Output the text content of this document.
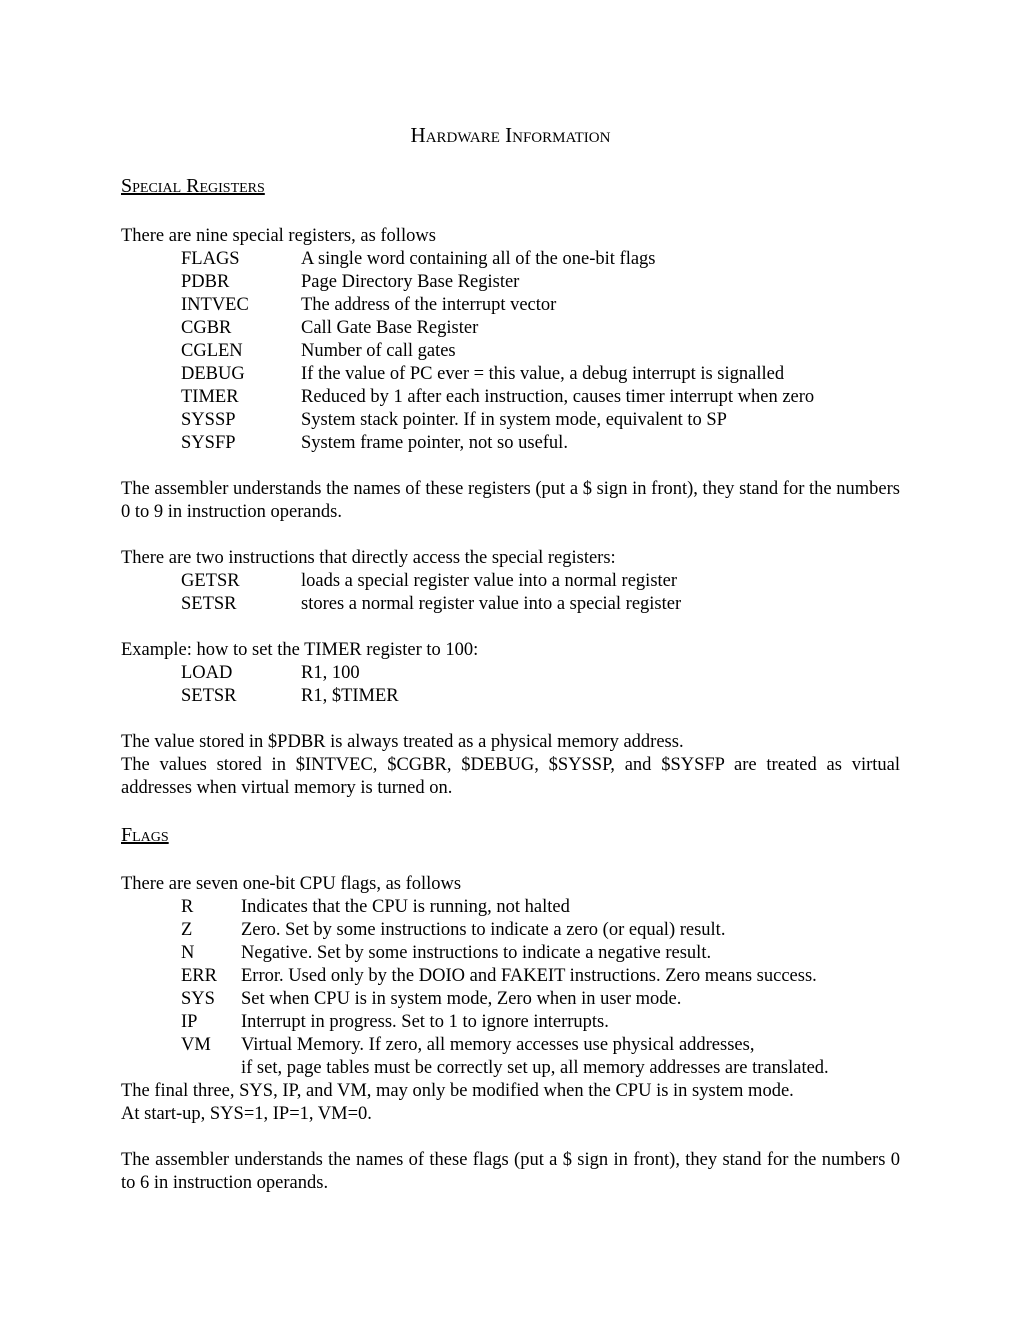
Hardware Information
Special Registers
There are nine special registers, as follows
FLAGS	A single word containing all of the one-bit flags
PDBR	Page Directory Base Register
INTVEC	The address of the interrupt vector
CGBR	Call Gate Base Register
CGLEN	Number of call gates
DEBUG	If the value of PC ever = this value, a debug interrupt is signalled
TIMER	Reduced by 1 after each instruction, causes timer interrupt when zero
SYSSP	System stack pointer. If in system mode, equivalent to SP
SYSFP	System frame pointer, not so useful.
The assembler understands the names of these registers (put a $ sign in front), they stand for the numbers 0 to 9 in instruction operands.
There are two instructions that directly access the special registers:
GETSR	loads a special register value into a normal register
SETSR	stores a normal register value into a special register
Example: how to set the TIMER register to 100:
LOAD	R1, 100
SETSR	R1, $TIMER
The value stored in $PDBR is always treated as a physical memory address.
The values stored in $INTVEC, $CGBR, $DEBUG, $SYSSP, and $SYSFP are treated as virtual addresses when virtual memory is turned on.
Flags
There are seven one-bit CPU flags, as follows
R	Indicates that the CPU is running, not halted
Z	Zero. Set by some instructions to indicate a zero (or equal) result.
N	Negative. Set by some instructions to indicate a negative result.
ERR Error. Used only by the DOIO and FAKEIT instructions. Zero means success.
SYS Set when CPU is in system mode, Zero when in user mode.
IP Interrupt in progress. Set to 1 to ignore interrupts.
VM Virtual Memory. If zero, all memory accesses use physical addresses,
if set, page tables must be correctly set up, all memory addresses are translated.
The final three, SYS, IP, and VM, may only be modified when the CPU is in system mode.
At start-up, SYS=1, IP=1, VM=0.
The assembler understands the names of these flags (put a $ sign in front), they stand for the numbers 0 to 6 in instruction operands.
